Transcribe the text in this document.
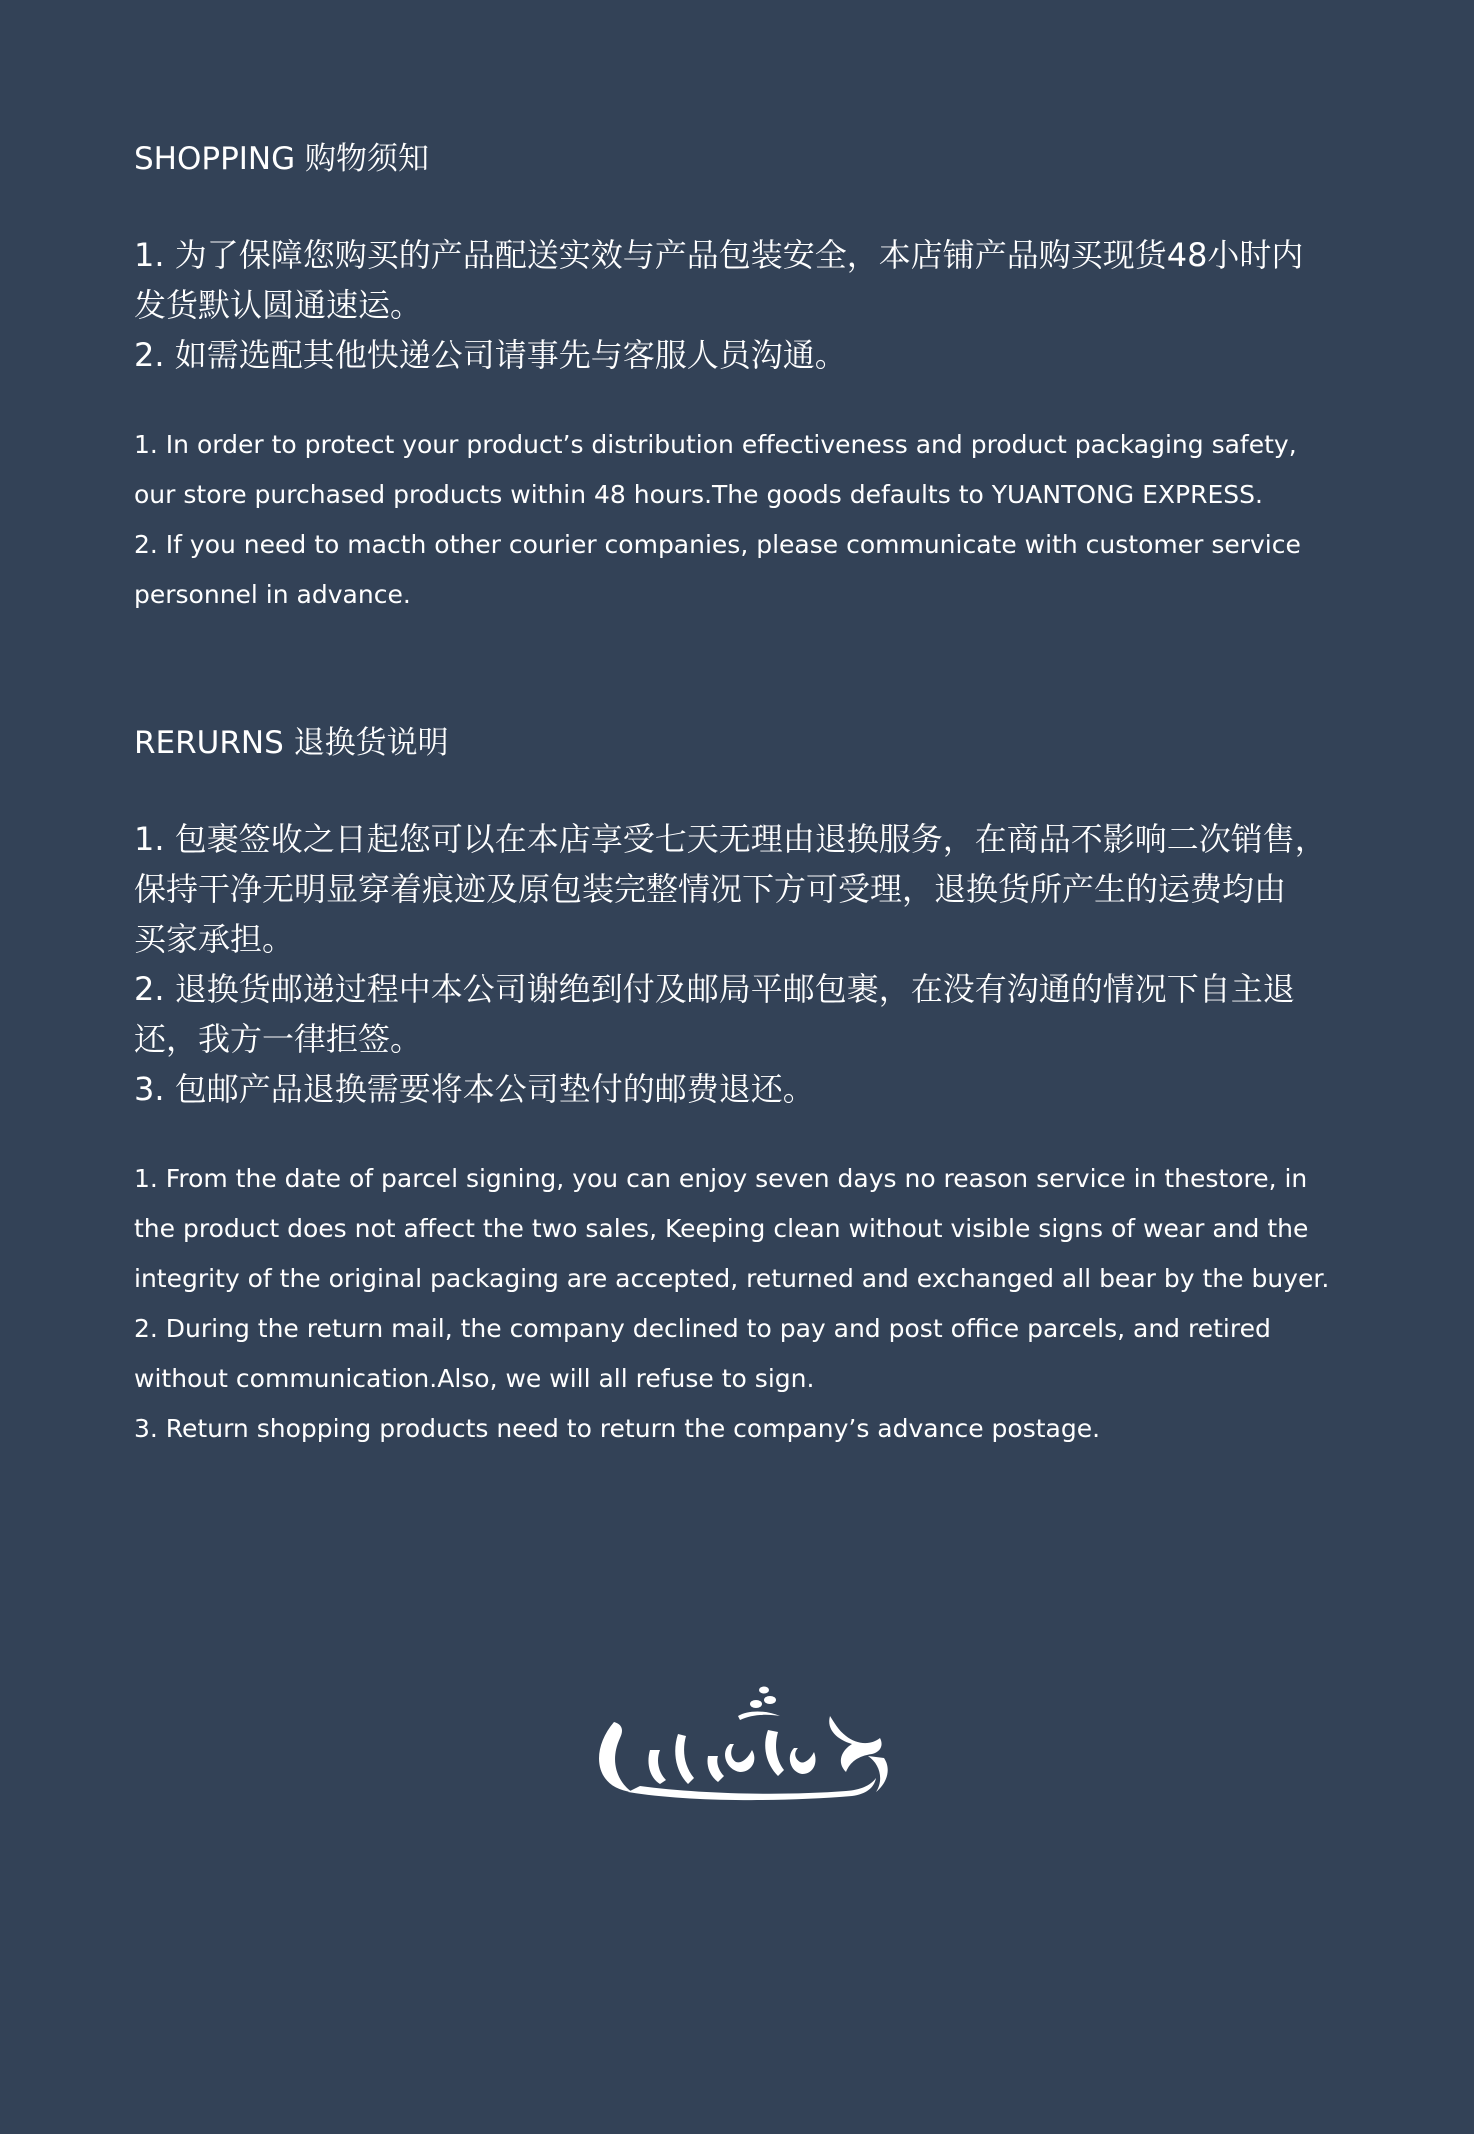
SHOPPING 购物须知

1. 为了保障您购买的产品配送实效与产品包装安全，本店铺产品购买现货48小时内

发货默认圆通速运。

2. 如需选配其他快递公司请事先与客服人员沟通。

1. In order to protect your product’s distribution effectiveness and product packaging safety,

our store purchased products within 48 hours.The goods defaults to YUANTONG EXPRESS.

2. If you need to macth other courier companies, please communicate with customer service

personnel in advance.

RERURNS 退换货说明

1. 包裹签收之日起您可以在本店享受七天无理由退换服务，在商品不影响二次销售，

保持干净无明显穿着痕迹及原包装完整情况下方可受理，退换货所产生的运费均由

买家承担。

2. 退换货邮递过程中本公司谢绝到付及邮局平邮包裹，在没有沟通的情况下自主退

还，我方一律拒签。

3. 包邮产品退换需要将本公司垫付的邮费退还。

1. From the date of parcel signing, you can enjoy seven days no reason service in thestore, in

the product does not affect the two sales, Keeping clean without visible signs of wear and the

integrity of the original packaging are accepted, returned and exchanged all bear by the buyer.

2. During the return mail, the company declined to pay and post office parcels, and retired

without communication.Also, we will all refuse to sign.

3. Return shopping products need to return the company’s advance postage.
